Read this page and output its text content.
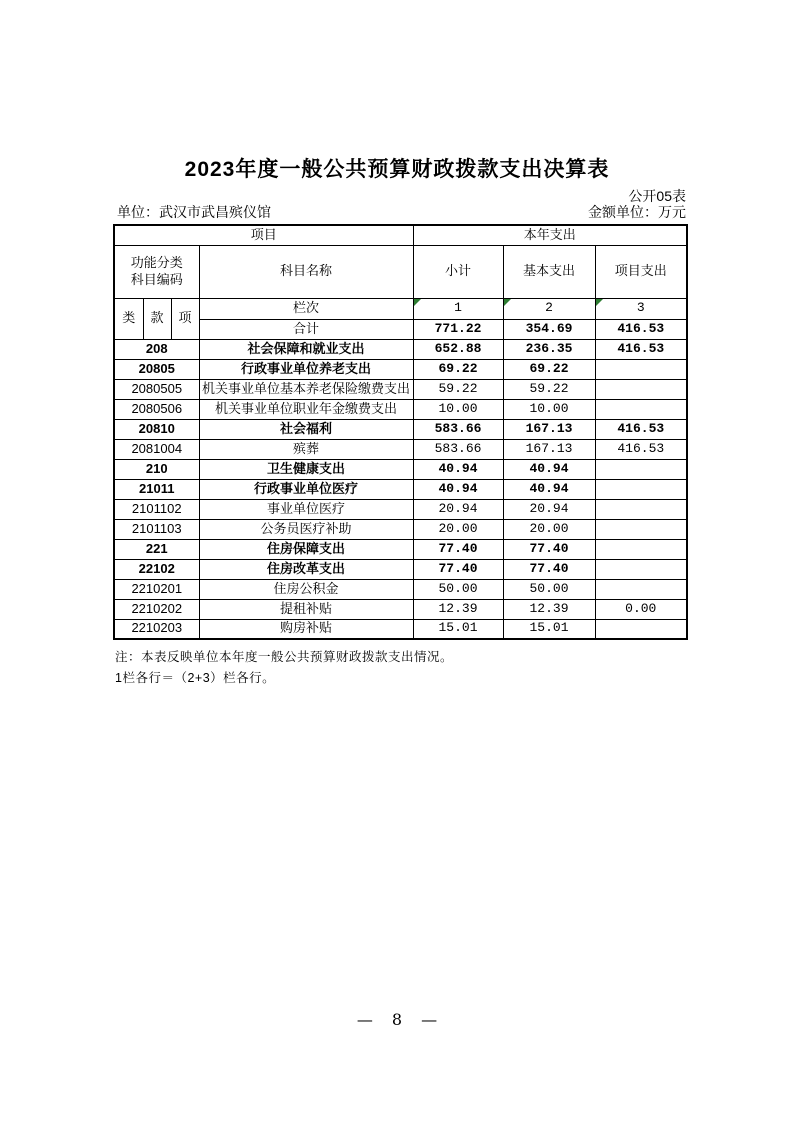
2023年度一般公共预算财政拨款支出决算表
公开05表
单位：武汉市武昌殡仪馆	金额单位：万元
项目				本年支出		

功能分类
科目编码			科目名称	小计	基本支出	项目支出
类	款	项	栏次	1	2	3
			合计	771.22	354.69	416.53
208			社会保障和就业支出	652.88	236.35	416.53
20805			行政事业单位养老支出	69.22	69.22	
2080505			机关事业单位基本养老保险缴费支出	59.22	59.22	
2080506			机关事业单位职业年金缴费支出	10.00	10.00	
20810			社会福利	583.66	167.13	416.53
2081004			殡葬	583.66	167.13	416.53
210			卫生健康支出	40.94	40.94	
21011			行政事业单位医疗	40.94	40.94	
2101102			事业单位医疗	20.94	20.94	
2101103			公务员医疗补助	20.00	20.00	
221			住房保障支出	77.40	77.40	
22102			住房改革支出	77.40	77.40	
2210201			住房公积金	50.00	50.00	
2210202			提租补贴	12.39	12.39	0.00
2210203			购房补贴	15.01	15.01	
注：本表反映单位本年度一般公共预算财政拨款支出情况。
1栏各行＝（2+3）栏各行。
— 8 —
